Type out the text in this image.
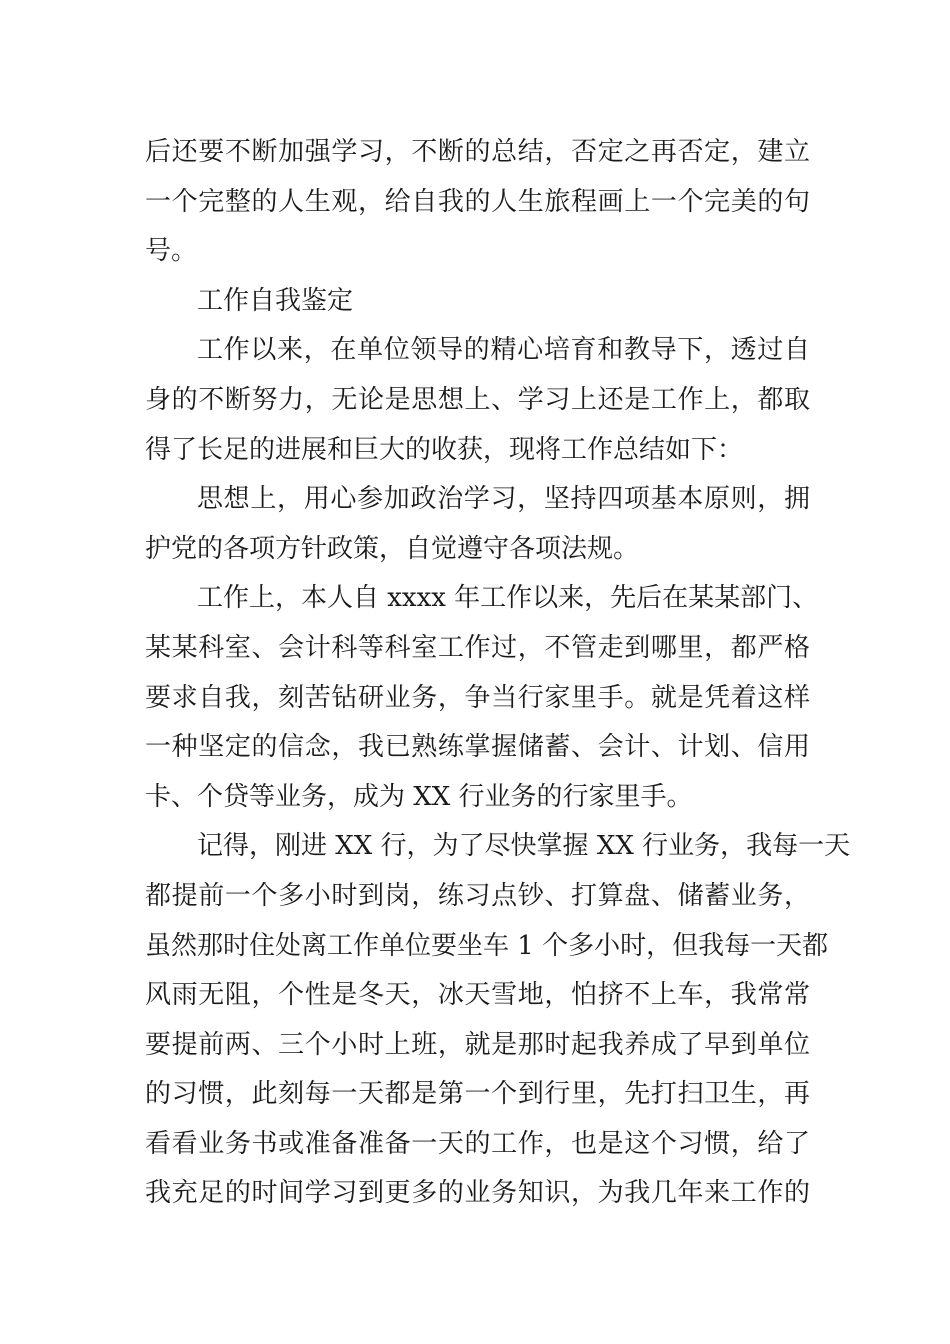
后还要不断加强学习，不断的总结，否定之再否定，建立
一个完整的人生观，给自我的人生旅程画上一个完美的句
号。
工作自我鉴定
工作以来，在单位领导的精心培育和教导下，透过自
身的不断努力，无论是思想上、学习上还是工作上，都取
得了长足的进展和巨大的收获，现将工作总结如下：
思想上，用心参加政治学习，坚持四项基本原则，拥
护党的各项方针政策，自觉遵守各项法规。
工作上，本人自 xxxx 年工作以来，先后在某某部门、
某某科室、会计科等科室工作过，不管走到哪里，都严格
要求自我，刻苦钻研业务，争当行家里手。就是凭着这样
一种坚定的信念，我已熟练掌握储蓄、会计、计划、信用
卡、个贷等业务，成为 XX 行业务的行家里手。
记得，刚进 XX 行，为了尽快掌握 XX 行业务，我每一天
都提前一个多小时到岗，练习点钞、打算盘、储蓄业务，
虽然那时住处离工作单位要坐车 1 个多小时，但我每一天都
风雨无阻，个性是冬天，冰天雪地，怕挤不上车，我常常
要提前两、三个小时上班，就是那时起我养成了早到单位
的习惯，此刻每一天都是第一个到行里，先打扫卫生，再
看看业务书或准备准备一天的工作，也是这个习惯，给了
我充足的时间学习到更多的业务知识，为我几年来工作的
